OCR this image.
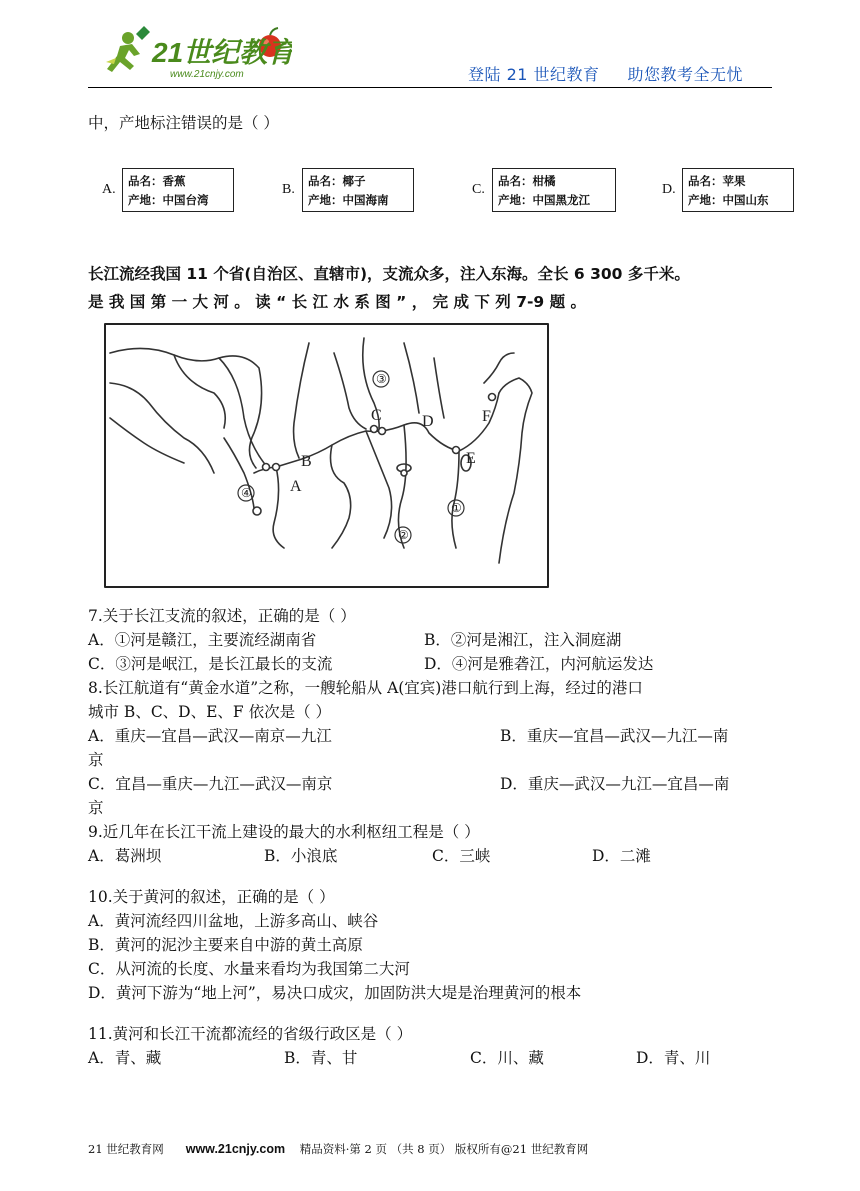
21世纪教育
www.21cnjy.com	登陆 21 世纪教育 助您教考全无忧
中，产地标注错误的是（ ）
A.
品名：香蕉
产地：中国台湾
B.
品名：椰子
产地：中国海南
C.
品名：柑橘
产地：中国黑龙江
D.
品名：苹果
产地：中国山东
长江流经我国 11 个省(自治区、直辖市)，支流众多，注入东海。全长 6 300 多千米。
是 我 国 第 一 大 河 。 读 “ 长 江 水 系 图 ” ， 完 成 下 列 7-9 题 。
A
B
C	D
E
F
①
②
③
④
7.关于长江支流的叙述，正确的是（ ）
A．①河是赣江，主要流经湖南省	B．②河是湘江，注入洞庭湖
C．③河是岷江，是长江最长的支流	D．④河是雅砻江，内河航运发达
8.长江航道有“黄金水道”之称，一艘轮船从 A(宜宾)港口航行到上海，经过的港口
城市 B、C、D、E、F 依次是（ ）
A．重庆—宜昌—武汉—南京—九江	B．重庆—宜昌—武汉—九江—南
京
C．宜昌—重庆—九江—武汉—南京	D．重庆—武汉—九江—宜昌—南
京
9.近几年在长江干流上建设的最大的水利枢纽工程是（ ）
A．葛洲坝	B．小浪底	C．三峡	D．二滩
10.关于黄河的叙述，正确的是（ ）
A．黄河流经四川盆地，上游多高山、峡谷
B．黄河的泥沙主要来自中游的黄土高原
C．从河流的长度、水量来看均为我国第二大河
D．黄河下游为“地上河”，易决口成灾，加固防洪大堤是治理黄河的根本
11.黄河和长江干流都流经的省级行政区是（ ）
A．青、藏	B．青、甘	C．川、藏	D．青、川
21 世纪教育网 www.21cnjy.com 精品资料·第 2 页 （共 8 页） 版权所有@21 世纪教育网
